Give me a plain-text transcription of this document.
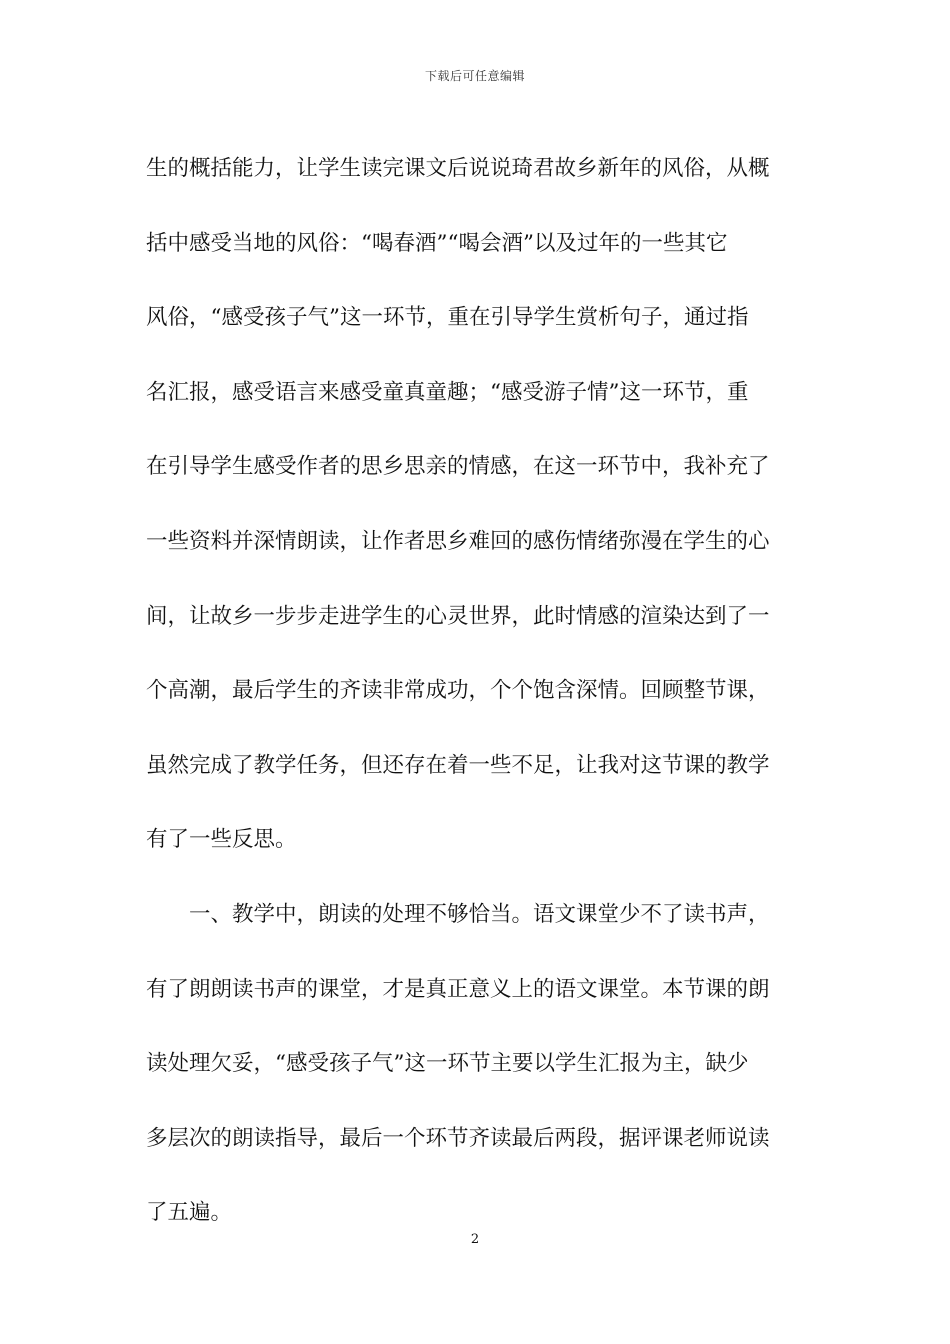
下载后可任意编辑

生的概括能力，让学生读完课文后说说琦君故乡新年的风俗，从概
括中感受当地的风俗：“喝春酒”“喝会酒”以及过年的一些其它
风俗，“感受孩子气”这一环节，重在引导学生赏析句子，通过指
名汇报，感受语言来感受童真童趣；“感受游子情”这一环节，重
在引导学生感受作者的思乡思亲的情感，在这一环节中，我补充了
一些资料并深情朗读，让作者思乡难回的感伤情绪弥漫在学生的心
间，让故乡一步步走进学生的心灵世界，此时情感的渲染达到了一
个高潮，最后学生的齐读非常成功，个个饱含深情。回顾整节课，
虽然完成了教学任务，但还存在着一些不足，让我对这节课的教学
有了一些反思。

一、教学中，朗读的处理不够恰当。语文课堂少不了读书声，
有了朗朗读书声的课堂，才是真正意义上的语文课堂。本节课的朗
读处理欠妥，“感受孩子气”这一环节主要以学生汇报为主，缺少
多层次的朗读指导，最后一个环节齐读最后两段，据评课老师说读
了五遍。

2
